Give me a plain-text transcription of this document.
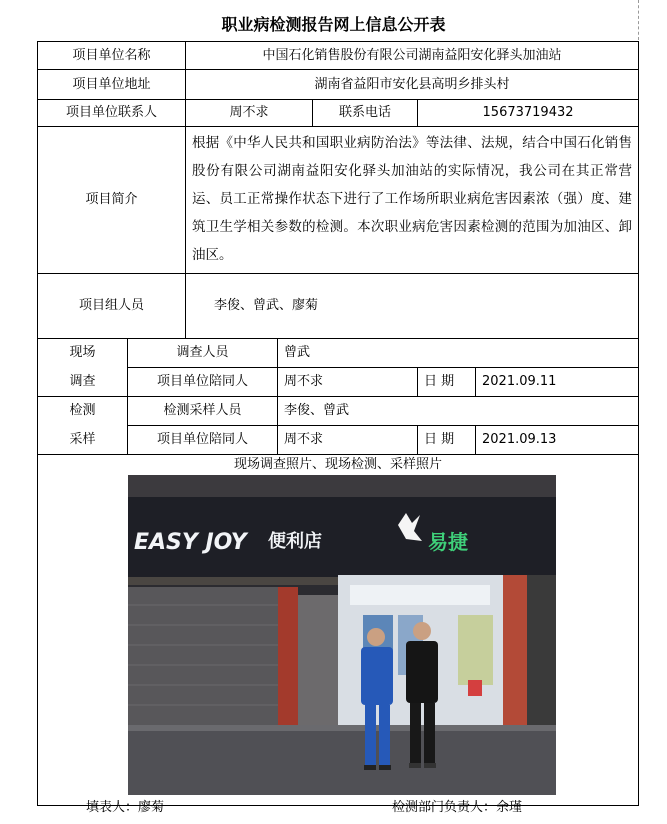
职业病检测报告网上信息公开表
项目单位名称		中国石化销售股份有限公司湖南益阳安化驿头加油站				
项目单位地址		湖南省益阳市安化县高明乡排头村				
项目单位联系人		周不求		联系电话	15673719432	
项目简介		根据《中华人民共和国职业病防治法》等法律、法规，结合中国石化销售股份有限公司湖南益阳安化驿头加油站的实际情况，我公司在其正常营运、员工正常操作状态下进行了工作场所职业病危害因素浓（强）度、建筑卫生学相关参数的检测。本次职业病危害因素检测的范围为加油区、卸油区。				
项目组人员		李俊、曾武、廖菊				
现场	调查人员		曾武			
调查	项目单位陪同人		周不求		日 期	2021.09.11
检测	检测采样人员		李俊、曾武			
采样	项目单位陪同人		周不求		日 期	2021.09.13

现场调查照片、现场检测、采样照片
EASY JOY 便利店 易捷						
填表人：廖菊	检测部门负责人：余瑾
